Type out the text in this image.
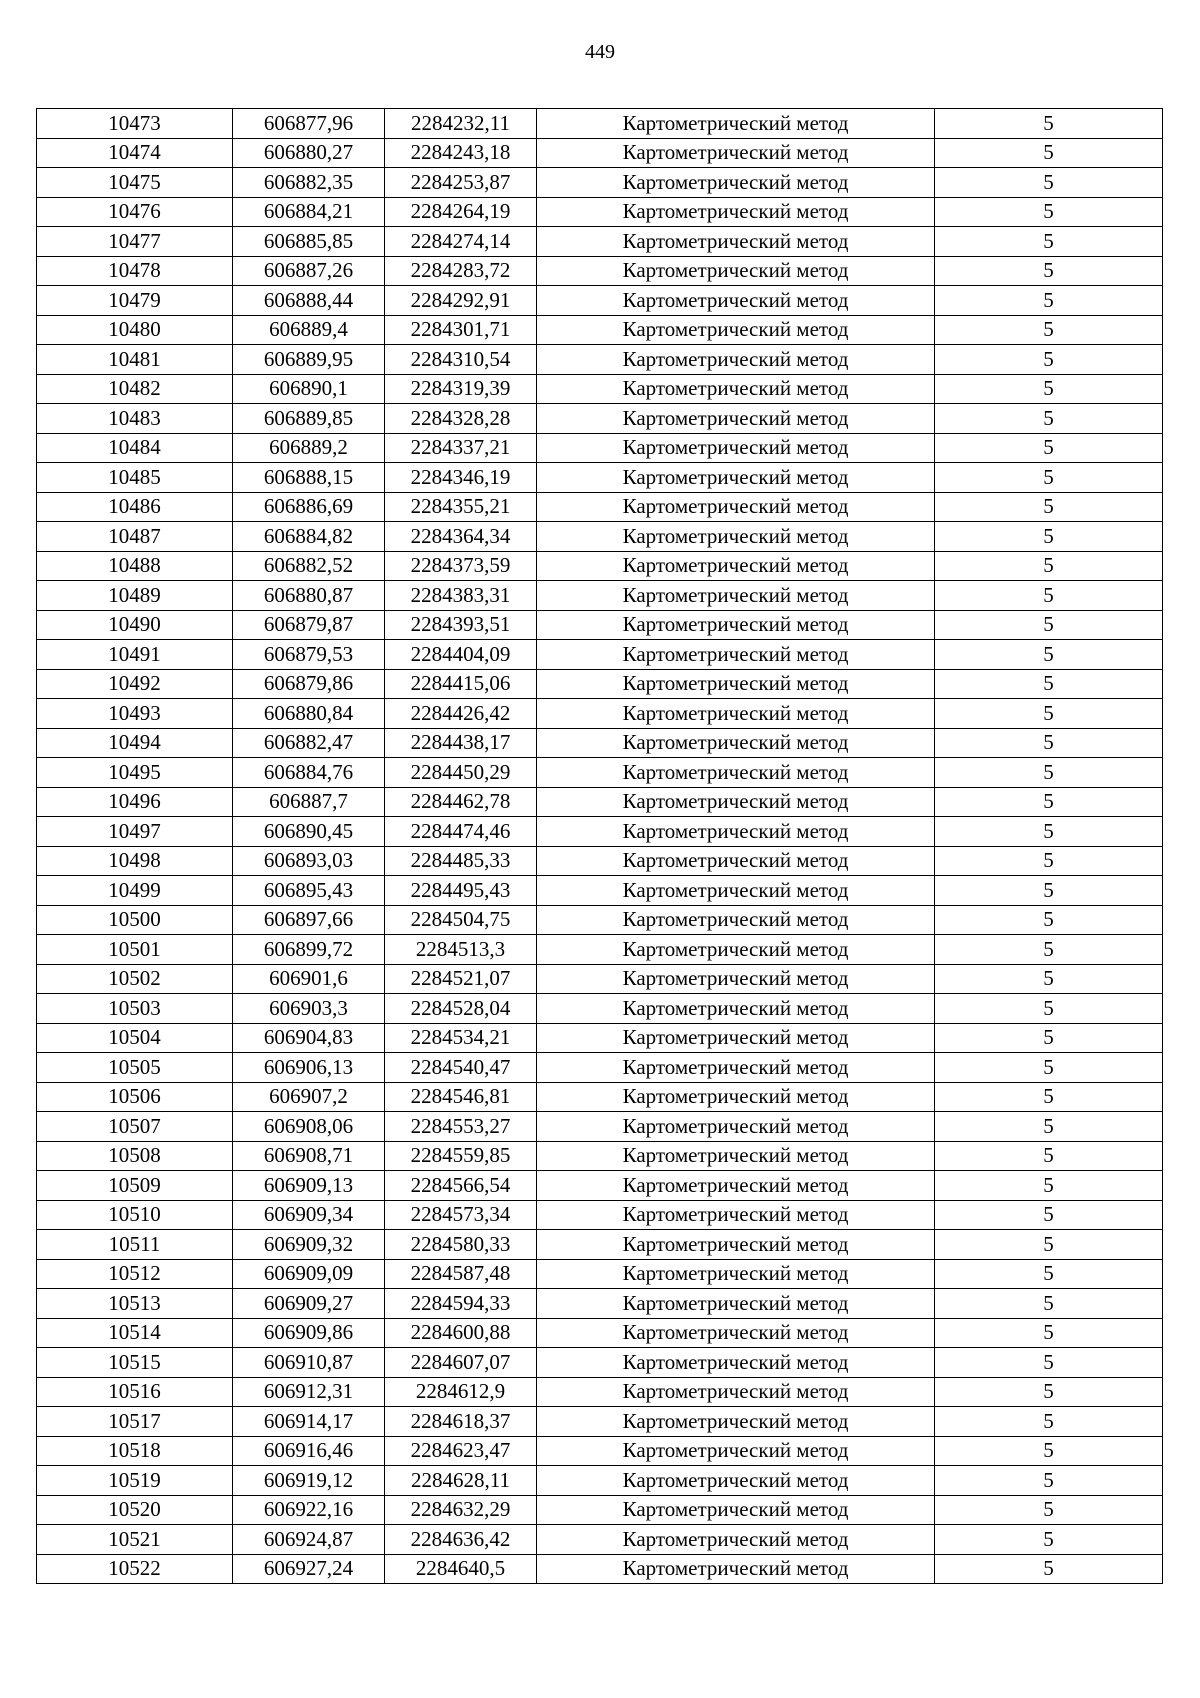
449
10473	606877,96	2284232,11	Картометрический метод	5
10474	606880,27	2284243,18	Картометрический метод	5
10475	606882,35	2284253,87	Картометрический метод	5
10476	606884,21	2284264,19	Картометрический метод	5
10477	606885,85	2284274,14	Картометрический метод	5
10478	606887,26	2284283,72	Картометрический метод	5
10479	606888,44	2284292,91	Картометрический метод	5
10480	606889,4	2284301,71	Картометрический метод	5
10481	606889,95	2284310,54	Картометрический метод	5
10482	606890,1	2284319,39	Картометрический метод	5
10483	606889,85	2284328,28	Картометрический метод	5
10484	606889,2	2284337,21	Картометрический метод	5
10485	606888,15	2284346,19	Картометрический метод	5
10486	606886,69	2284355,21	Картометрический метод	5
10487	606884,82	2284364,34	Картометрический метод	5
10488	606882,52	2284373,59	Картометрический метод	5
10489	606880,87	2284383,31	Картометрический метод	5
10490	606879,87	2284393,51	Картометрический метод	5
10491	606879,53	2284404,09	Картометрический метод	5
10492	606879,86	2284415,06	Картометрический метод	5
10493	606880,84	2284426,42	Картометрический метод	5
10494	606882,47	2284438,17	Картометрический метод	5
10495	606884,76	2284450,29	Картометрический метод	5
10496	606887,7	2284462,78	Картометрический метод	5
10497	606890,45	2284474,46	Картометрический метод	5
10498	606893,03	2284485,33	Картометрический метод	5
10499	606895,43	2284495,43	Картометрический метод	5
10500	606897,66	2284504,75	Картометрический метод	5
10501	606899,72	2284513,3	Картометрический метод	5
10502	606901,6	2284521,07	Картометрический метод	5
10503	606903,3	2284528,04	Картометрический метод	5
10504	606904,83	2284534,21	Картометрический метод	5
10505	606906,13	2284540,47	Картометрический метод	5
10506	606907,2	2284546,81	Картометрический метод	5
10507	606908,06	2284553,27	Картометрический метод	5
10508	606908,71	2284559,85	Картометрический метод	5
10509	606909,13	2284566,54	Картометрический метод	5
10510	606909,34	2284573,34	Картометрический метод	5
10511	606909,32	2284580,33	Картометрический метод	5
10512	606909,09	2284587,48	Картометрический метод	5
10513	606909,27	2284594,33	Картометрический метод	5
10514	606909,86	2284600,88	Картометрический метод	5
10515	606910,87	2284607,07	Картометрический метод	5
10516	606912,31	2284612,9	Картометрический метод	5
10517	606914,17	2284618,37	Картометрический метод	5
10518	606916,46	2284623,47	Картометрический метод	5
10519	606919,12	2284628,11	Картометрический метод	5
10520	606922,16	2284632,29	Картометрический метод	5
10521	606924,87	2284636,42	Картометрический метод	5
10522	606927,24	2284640,5	Картометрический метод	5
